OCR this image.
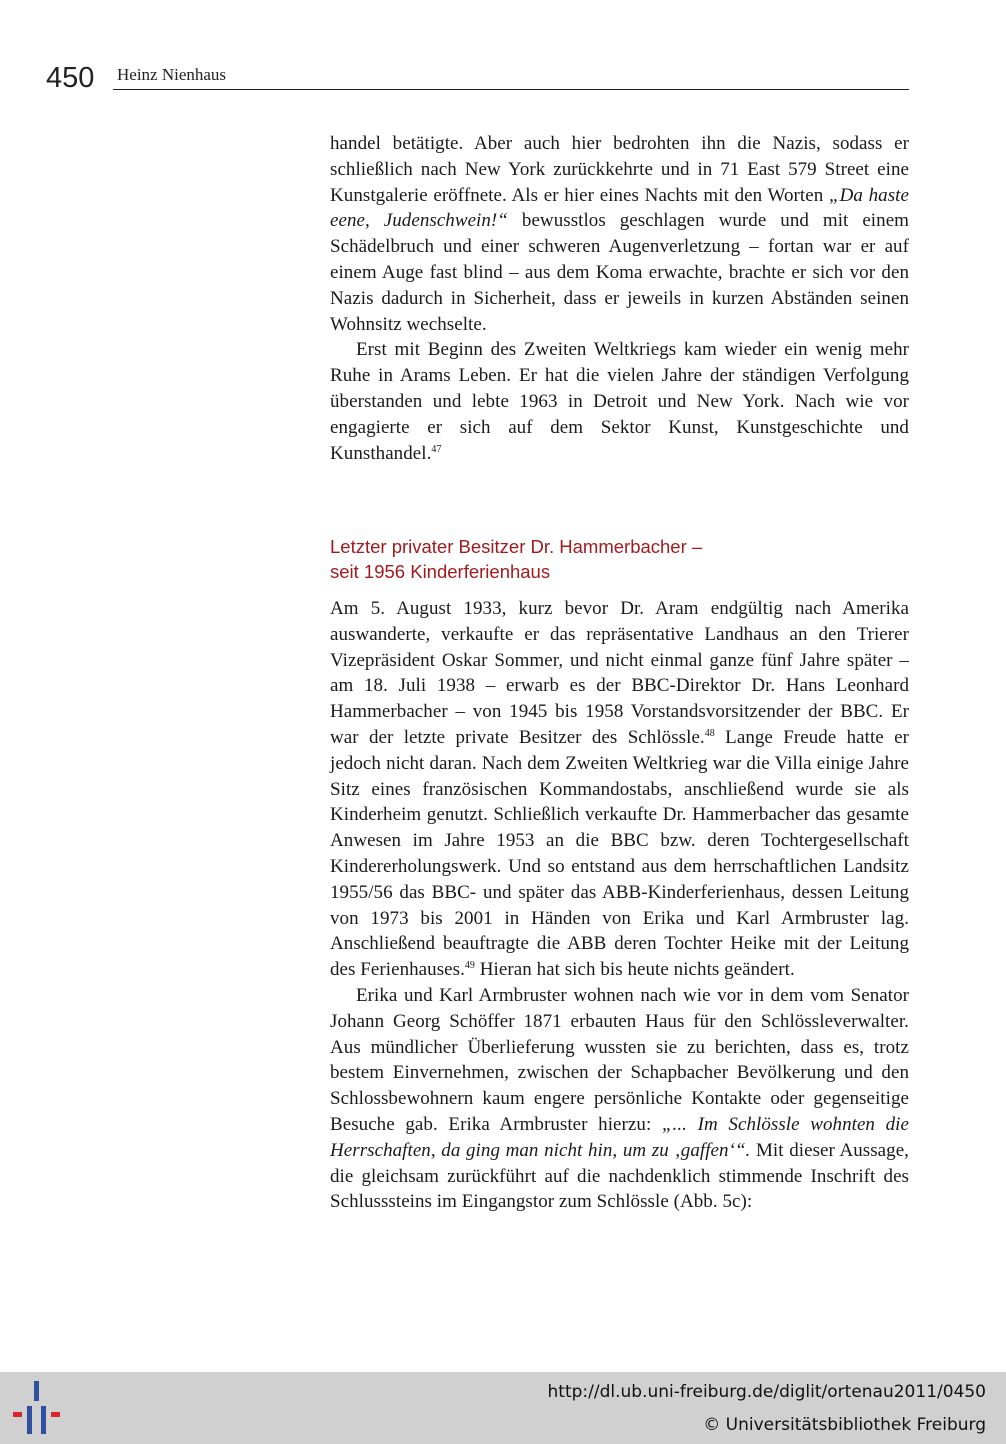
450 Heinz Nienhaus

handel betätigte. Aber auch hier bedrohten ihn die Nazis, sodass er schließlich nach New York zurückkehrte und in 71 East 579 Street eine Kunstgalerie eröffnete. Als er hier eines Nachts mit den Worten „Da haste eene, Judenschwein!“ bewusstlos geschlagen wurde und mit einem Schädelbruch und einer schweren Augenverletzung – fortan war er auf einem Auge fast blind – aus dem Koma erwachte, brachte er sich vor den Nazis dadurch in Sicherheit, dass er jeweils in kurzen Abständen seinen Wohnsitz wechselte.

Erst mit Beginn des Zweiten Weltkriegs kam wieder ein wenig mehr Ruhe in Arams Leben. Er hat die vielen Jahre der ständigen Verfolgung überstanden und lebte 1963 in Detroit und New York. Nach wie vor engagierte er sich auf dem Sektor Kunst, Kunstgeschichte und Kunsthandel.$^{47}$

Letzter privater Besitzer Dr. Hammerbacher –
seit 1956 Kinderferienhaus

Am 5. August 1933, kurz bevor Dr. Aram endgültig nach Amerika auswanderte, verkaufte er das repräsentative Landhaus an den Trierer Vizepräsident Oskar Sommer, und nicht einmal ganze fünf Jahre später – am 18. Juli 1938 – erwarb es der BBC-Direktor Dr. Hans Leonhard Hammerbacher – von 1945 bis 1958 Vorstandsvorsitzender der BBC. Er war der letzte private Besitzer des Schlössle.$^{48}$ Lange Freude hatte er jedoch nicht daran. Nach dem Zweiten Weltkrieg war die Villa einige Jahre Sitz eines französischen Kommandostabs, anschließend wurde sie als Kinderheim genutzt. Schließlich verkaufte Dr. Hammerbacher das gesamte Anwesen im Jahre 1953 an die BBC bzw. deren Tochtergesellschaft Kindererholungswerk. Und so entstand aus dem herrschaftlichen Landsitz 1955/56 das BBC- und später das ABB-Kinderferienhaus, dessen Leitung von 1973 bis 2001 in Händen von Erika und Karl Armbruster lag. Anschließend beauftragte die ABB deren Tochter Heike mit der Leitung des Ferienhauses.$^{49}$ Hieran hat sich bis heute nichts geändert.

Erika und Karl Armbruster wohnen nach wie vor in dem vom Senator Johann Georg Schöffer 1871 erbauten Haus für den Schlössleverwalter. Aus mündlicher Überlieferung wussten sie zu berichten, dass es, trotz bestem Einvernehmen, zwischen der Schapbacher Bevölkerung und den Schlossbewohnern kaum engere persönliche Kontakte oder gegenseitige Besuche gab. Erika Armbruster hierzu: „... Im Schlössle wohnten die Herrschaften, da ging man nicht hin, um zu ‚gaffen‘“. Mit dieser Aussage, die gleichsam zurückführt auf die nachdenklich stimmende Inschrift des Schlusssteins im Eingangstor zum Schlössle (Abb. 5c):

http://dl.ub.uni-freiburg.de/diglit/ortenau2011/0450
© Universitätsbibliothek Freiburg
